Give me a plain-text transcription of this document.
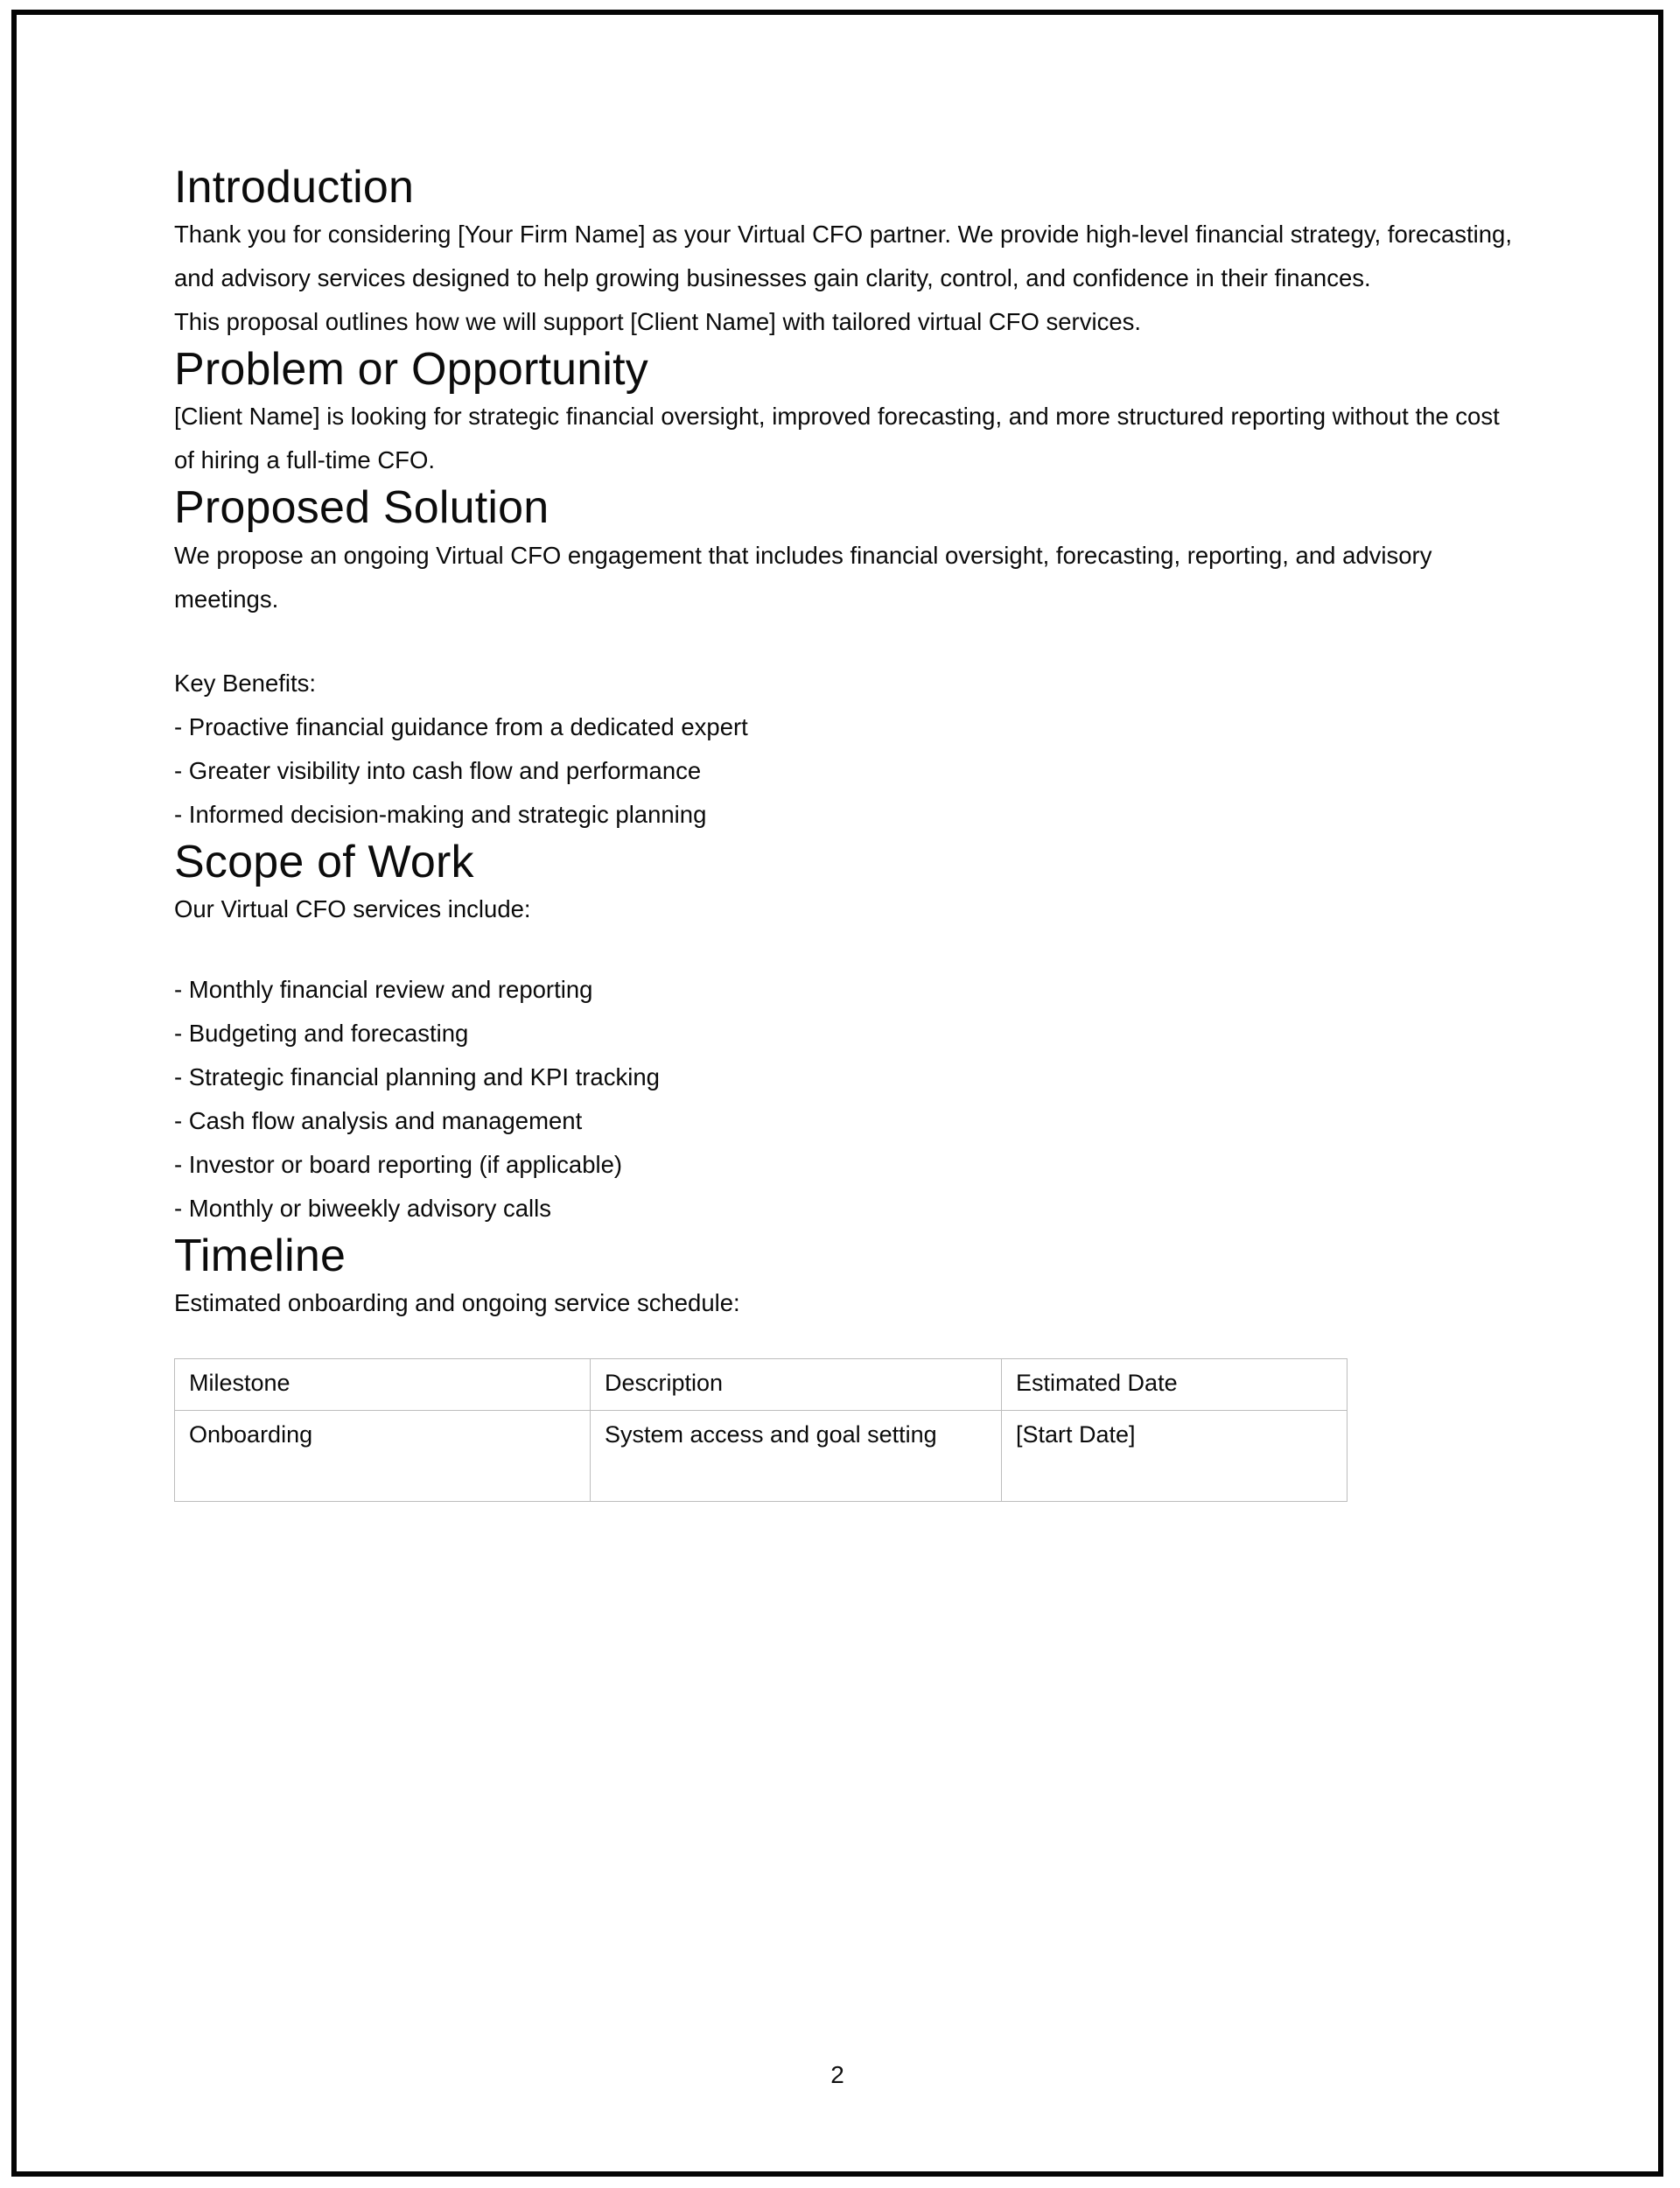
Introduction

Thank you for considering [Your Firm Name] as your Virtual CFO partner. We provide high-level financial strategy, forecasting, and advisory services designed to help growing businesses gain clarity, control, and confidence in their finances.

This proposal outlines how we will support [Client Name] with tailored virtual CFO services.

Problem or Opportunity

[Client Name] is looking for strategic financial oversight, improved forecasting, and more structured reporting without the cost of hiring a full-time CFO.

Proposed Solution

We propose an ongoing Virtual CFO engagement that includes financial oversight, forecasting, reporting, and advisory meetings.

Key Benefits:
- Proactive financial guidance from a dedicated expert
- Greater visibility into cash flow and performance
- Informed decision-making and strategic planning
Scope of Work

Our Virtual CFO services include:

- Monthly financial review and reporting
- Budgeting and forecasting
- Strategic financial planning and KPI tracking
- Cash flow analysis and management
- Investor or board reporting (if applicable)
- Monthly or biweekly advisory calls
Timeline

Estimated onboarding and ongoing service schedule:

Milestone	Description	Estimated Date
Onboarding	System access and goal setting	[Start Date]
2
